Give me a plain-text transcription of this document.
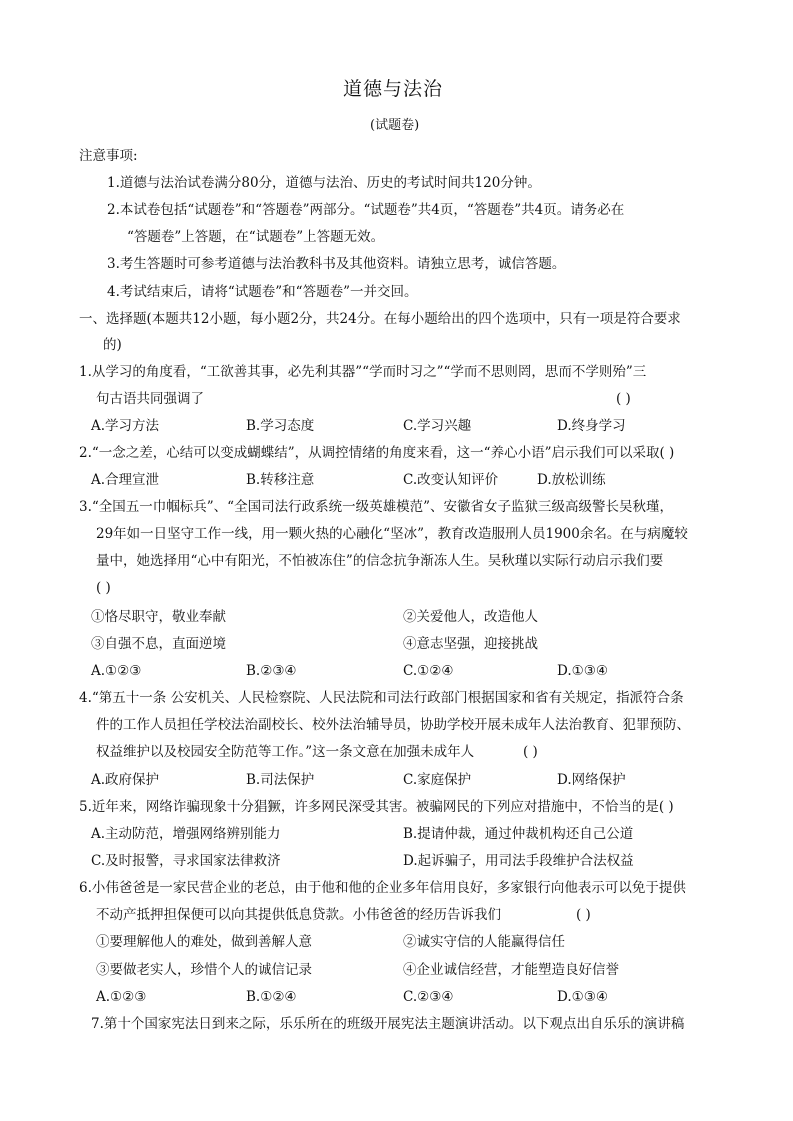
道德与法治
(试题卷)
注意事项:
1.道德与法治试卷满分80分，道德与法治、历史的考试时间共120分钟。
2.本试卷包括“试题卷”和“答题卷”两部分。“试题卷”共4页，“答题卷”共4页。请务必在
“答题卷”上答题，在“试题卷”上答题无效。
3.考生答题时可参考道德与法治教科书及其他资料。请独立思考，诚信答题。
4.考试结束后，请将“试题卷”和“答题卷”一并交回。
一、选择题(本题共12小题，每小题2分，共24分。在每小题给出的四个选项中，只有一项是符合要求
的)
1.从学习的角度看，“工欲善其事，必先利其器”“学而时习之”“学而不思则罔，思而不学则殆”三
句古语共同强调了	( )
A.学习方法	B.学习态度	C.学习兴趣	D.终身学习
2.“一念之差，心结可以变成蝴蝶结”，从调控情绪的角度来看，这一“养心小语”启示我们可以采取( )
A.合理宣泄	B.转移注意	C.改变认知评价	D.放松训练
3.“全国五一巾帼标兵”、“全国司法行政系统一级英雄模范”、安徽省女子监狱三级高级警长吴秋瑾，
29年如一日坚守工作一线，用一颗火热的心融化“坚冰”，教育改造服刑人员1900余名。在与病魔较
量中，她选择用“心中有阳光，不怕被冻住”的信念抗争渐冻人生。吴秋瑾以实际行动启示我们要
( )
①恪尽职守，敬业奉献	②关爱他人，改造他人
③自强不息，直面逆境	④意志坚强，迎接挑战
A.①②③	B.②③④	C.①②④	D.①③④
4.“第五十一条 公安机关、人民检察院、人民法院和司法行政部门根据国家和省有关规定，指派符合条
件的工作人员担任学校法治副校长、校外法治辅导员，协助学校开展未成年人法治教育、犯罪预防、
权益维护以及校园安全防范等工作。”这一条文意在加强未成年人	( )
A.政府保护	B.司法保护	C.家庭保护	D.网络保护
5.近年来，网络诈骗现象十分猖獗，许多网民深受其害。被骗网民的下列应对措施中，不恰当的是( )
A.主动防范，增强网络辨别能力	B.提请仲裁，通过仲裁机构还自己公道
C.及时报警，寻求国家法律救济	D.起诉骗子，用司法手段维护合法权益
6.小伟爸爸是一家民营企业的老总，由于他和他的企业多年信用良好，多家银行向他表示可以免于提供
不动产抵押担保便可以向其提供低息贷款。小伟爸爸的经历告诉我们	( )
①要理解他人的难处，做到善解人意	②诚实守信的人能赢得信任
③要做老实人，珍惜个人的诚信记录	④企业诚信经营，才能塑造良好信誉
A.①②③	B.①②④	C.②③④	D.①③④
7.第十个国家宪法日到来之际，乐乐所在的班级开展宪法主题演讲活动。以下观点出自乐乐的演讲稿
